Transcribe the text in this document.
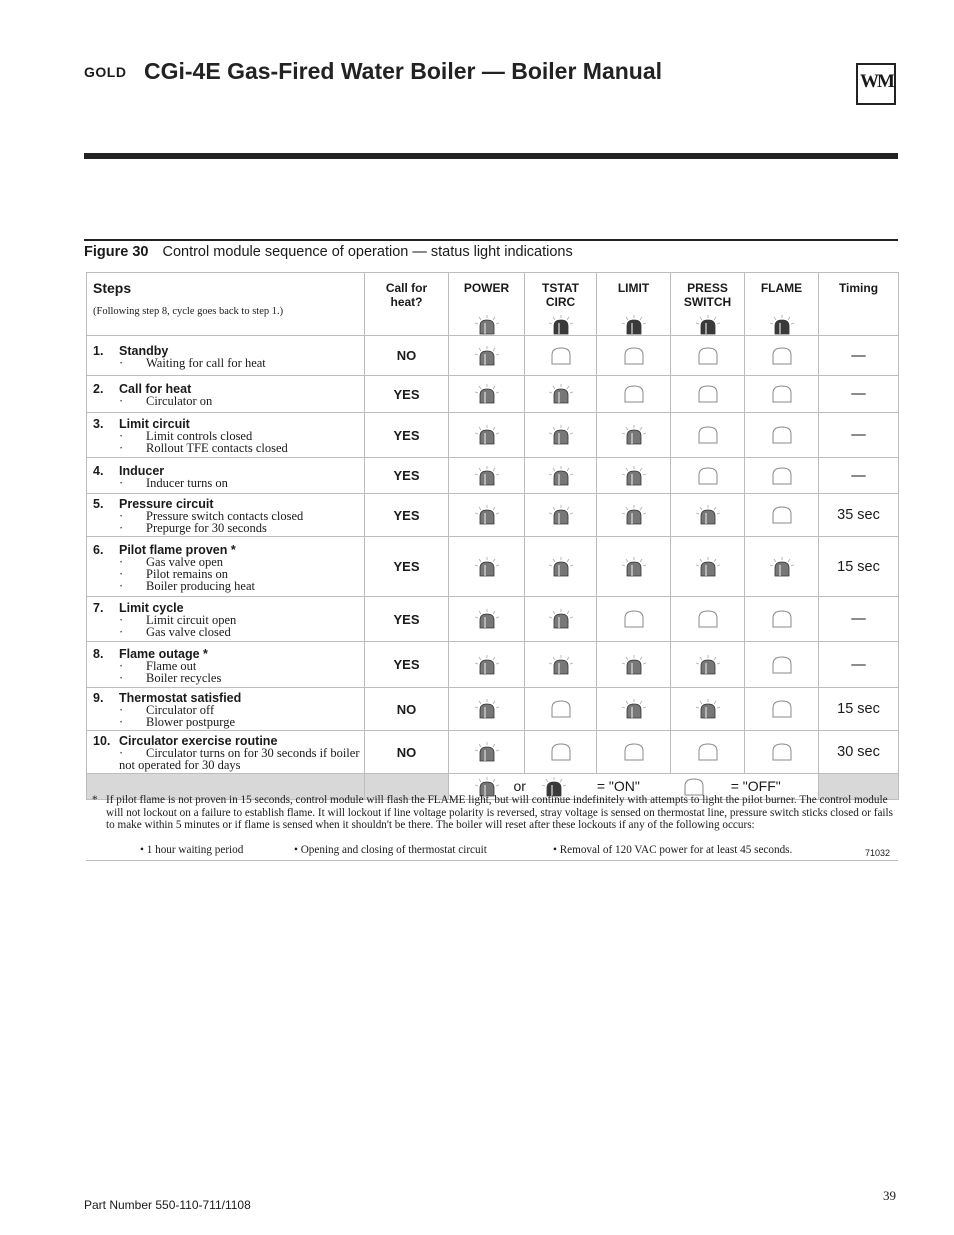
GOLD CGi-4E Gas-Fired Water Boiler — Boiler Manual	WM
Figure 30 Control module sequence of operation — status light indications
Steps
(Following step 8, cycle goes back to step 1.)	Call for heat?	POWER	TSTAT CIRC	LIMIT	PRESS SWITCH	FLAME	Timing

1. Standby
· Waiting for call for heat	NO						—

2. Call for heat
· Circulator on	YES						—

3. Limit circuit
· Limit controls closed
· Rollout TFE contacts closed	YES						—

4. Inducer
· Inducer turns on	YES						—

5. Pressure circuit
· Pressure switch contacts closed
· Prepurge for 30 seconds	YES						35 sec

6. Pilot flame proven *
· Gas valve open
· Pilot remains on
· Boiler producing heat	YES						15 sec

7. Limit cycle
· Limit circuit open
· Gas valve closed	YES						—

8. Flame outage *
· Flame out
· Boiler recycles	YES						—

9. Thermostat satisfied
· Circulator off
· Blower postpurge	NO						15 sec

10. Circulator exercise routine
· Circulator turns on for 30 seconds if boiler not operated for 30 days	NO						30 sec
		or = "ON" = "OFF"					
* If pilot flame is not proven in 15 seconds, control module will flash the FLAME light, but will continue indefinitely with attempts to light the pilot burner. The control module will not lockout on a failure to establish flame. It will lockout if line voltage polarity is reversed, stray voltage is sensed on thermostat line, pressure switch sticks closed or fails to make within 5 minutes or if flame is sensed when it shouldn't be there. The boiler will reset after these lockouts if any of the following occurs:
• 1 hour waiting period	• Opening and closing of thermostat circuit	• Removal of 120 VAC power for at least 45 seconds.	71032
Part Number 550-110-711/1108
39
